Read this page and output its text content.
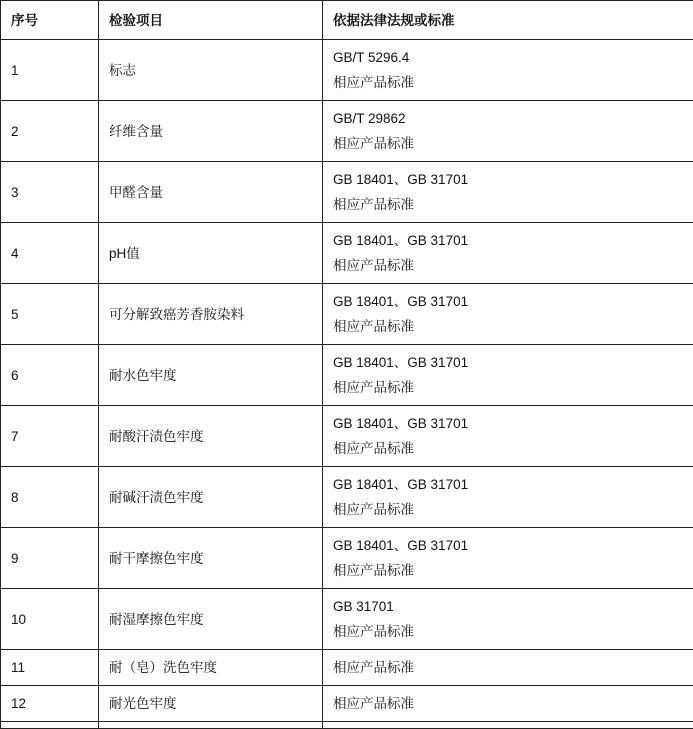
序号	检验项目	依据法律法规或标准
1	标志	GB/T 5296.4
相应产品标准

2	纤维含量	GB/T 29862
相应产品标准

3	甲醛含量	GB 18401、GB 31701
相应产品标准

4	pH值	GB 18401、GB 31701
相应产品标准

5	可分解致癌芳香胺染料	GB 18401、GB 31701
相应产品标准

6	耐水色牢度	GB 18401、GB 31701
相应产品标准

7	耐酸汗渍色牢度	GB 18401、GB 31701
相应产品标准

8	耐碱汗渍色牢度	GB 18401、GB 31701
相应产品标准

9	耐干摩擦色牢度	GB 18401、GB 31701
相应产品标准

10	耐湿摩擦色牢度	GB 31701
相应产品标准

11	耐（皂）洗色牢度	相应产品标准

12	耐光色牢度	相应产品标准
